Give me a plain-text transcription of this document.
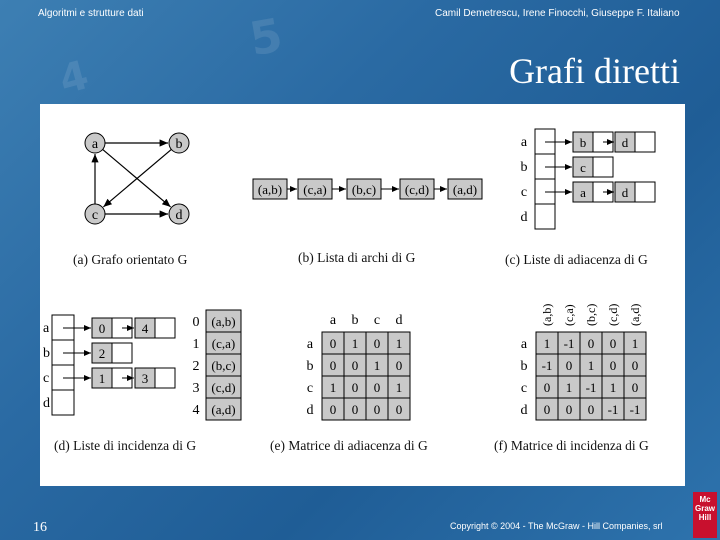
4
5
Algoritmi e strutture dati	Camil Demetrescu, Irene Finocchi, Giuseppe F. Italiano
Grafi diretti
a	b
c	d
(a,b) (c,a) (b,c) (c,d) (a,d)
a	b	d
b	c
c	a	d
d
a	0	4
b	2
c	1	3
d
0 (a,b)
1 (c,a)
2 (b,c)
3 (c,d)
4 (a,d)
a b c d
a 0 1 0 1
b 0 0 1 0
c 1 0 0 1
d 0 0 0 0
(a,b) (c,a) (b,c) (c,d) (a,d)
a 1 -1 0 0 1
b -1 0 1 0 0
c 0 1 -1 1 0
d 0 0 0 -1 -1
(a) Grafo orientato G	(b) Lista di archi di G	(c) Liste di adiacenza di G
(d) Liste di incidenza di G	(e) Matrice di adiacenza di G	(f) Matrice di incidenza di G
16	Copyright © 2004 - The McGraw - Hill Companies, srl
Mc
Graw
Hill
